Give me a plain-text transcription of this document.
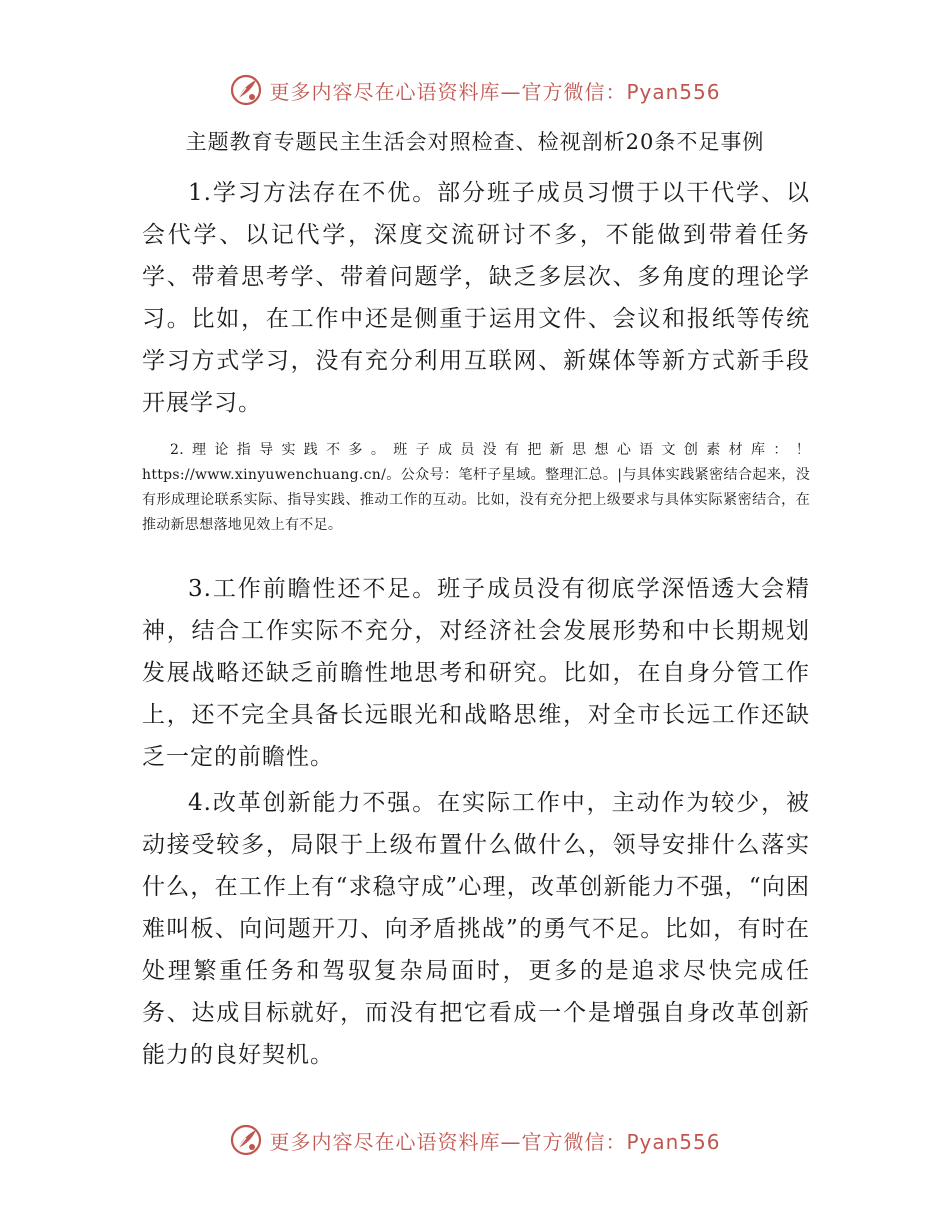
更多内容尽在心语资料库—官方微信：Pyan556
主题教育专题民主生活会对照检查、检视剖析20条不足事例

1.学习方法存在不优。部分班子成员习惯于以干代学、以会代学、以记代学，深度交流研讨不多，不能做到带着任务学、带着思考学、带着问题学，缺乏多层次、多角度的理论学习。比如，在工作中还是侧重于运用文件、会议和报纸等传统学习方式学习，没有充分利用互联网、新媒体等新方式新手段开展学习。

2.理论指导实践不多。班子成员没有把新思想心语文创素材库：！https://www.xinyuwenchuang.cn/。公众号：笔杆子星域。整理汇总。|与具体实践紧密结合起来，没有形成理论联系实际、指导实践、推动工作的互动。比如，没有充分把上级要求与具体实际紧密结合，在推动新思想落地见效上有不足。

3.工作前瞻性还不足。班子成员没有彻底学深悟透大会精神，结合工作实际不充分，对经济社会发展形势和中长期规划发展战略还缺乏前瞻性地思考和研究。比如，在自身分管工作上，还不完全具备长远眼光和战略思维，对全市长远工作还缺乏一定的前瞻性。

4.改革创新能力不强。在实际工作中，主动作为较少，被动接受较多，局限于上级布置什么做什么，领导安排什么落实什么，在工作上有“求稳守成”心理，改革创新能力不强，“向困难叫板、向问题开刀、向矛盾挑战”的勇气不足。比如，有时在处理繁重任务和驾驭复杂局面时，更多的是追求尽快完成任务、达成目标就好，而没有把它看成一个是增强自身改革创新能力的良好契机。

更多内容尽在心语资料库—官方微信：Pyan556
